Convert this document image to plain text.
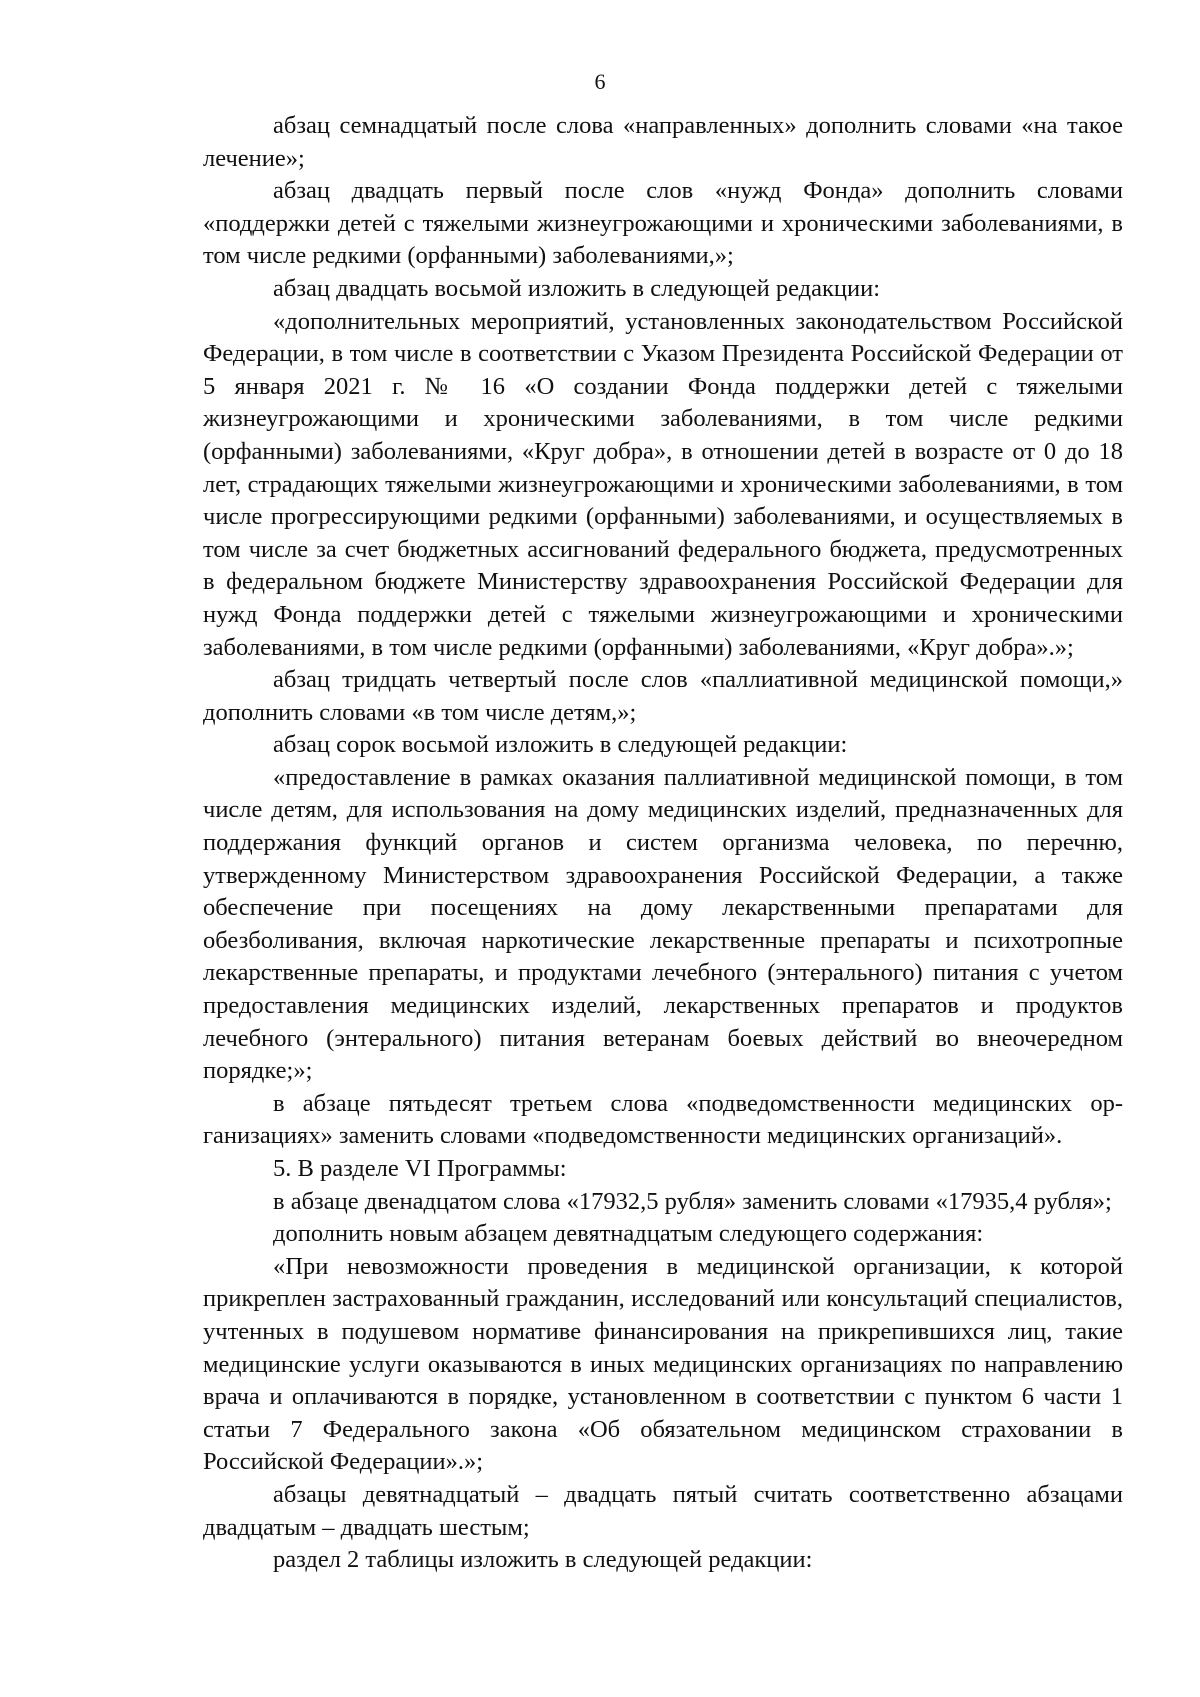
6

абзац семнадцатый после слова «направленных» дополнить словами «на такое лечение»;

абзац двадцать первый после слов «нужд Фонда» дополнить словами «поддержки детей с тяжелыми жизнеугрожающими и хроническими заболеваниями, в том числе редкими (орфанными) заболеваниями,»;

абзац двадцать восьмой изложить в следующей редакции:

«дополнительных мероприятий, установленных законодательством Российской Федерации, в том числе в соответствии с Указом Президента Российской Федерации от 5 января 2021 г. № 16 «О создании Фонда поддержки детей с тяжелыми жизнеугрожающими и хроническими заболеваниями, в том числе редкими (орфанными) заболеваниями, «Круг добра», в отношении детей в возрасте от 0 до 18 лет, страдающих тяжелыми жизнеугрожающими и хроническими заболеваниями, в том числе прогрессирующими редкими (орфанными) заболеваниями, и осуществляемых в том числе за счет бюджетных ассигнований федерального бюджета, предусмотренных в федеральном бюджете Министерству здравоохранения Российской Федерации для нужд Фонда поддержки детей с тяжелыми жизнеугрожающими и хроническими заболеваниями, в том числе редкими (орфанными) заболеваниями, «Круг добра».»;

абзац тридцать четвертый после слов «паллиативной медицинской помощи,» дополнить словами «в том числе детям,»;

абзац сорок восьмой изложить в следующей редакции:

«предоставление в рамках оказания паллиативной медицинской помощи, в том числе детям, для использования на дому медицинских изделий, предназначенных для поддержания функций органов и систем организма человека, по перечню, утвержденному Министерством здравоохранения Российской Федерации, а также обеспечение при посещениях на дому лекарственными препаратами для обезболивания, включая наркотические лекарственные препараты и психотропные лекарственные препараты, и продуктами лечебного (энтерального) питания с учетом предоставления медицинских изделий, лекарственных препаратов и продуктов лечебного (энтерального) питания ветеранам боевых действий во внеочередном порядке;»;

в абзаце пятьдесят третьем слова «подведомственности медицинских организациях» заменить словами «подведомственности медицинских организаций».

5. В разделе VI Программы:

в абзаце двенадцатом слова «17932,5 рубля» заменить словами «17935,4 рубля»;

дополнить новым абзацем девятнадцатым следующего содержания:

«При невозможности проведения в медицинской организации, к которой прикреплен застрахованный гражданин, исследований или консультаций специалистов, учтенных в подушевом нормативе финансирования на прикрепившихся лиц, такие медицинские услуги оказываются в иных медицинских организациях по направлению врача и оплачиваются в порядке, установленном в соответствии с пунктом 6 части 1 статьи 7 Федерального закона «Об обязательном медицинском страховании в Российской Федерации».»;

абзацы девятнадцатый – двадцать пятый считать соответственно абзацами двадцатым – двадцать шестым;

раздел 2 таблицы изложить в следующей редакции:
